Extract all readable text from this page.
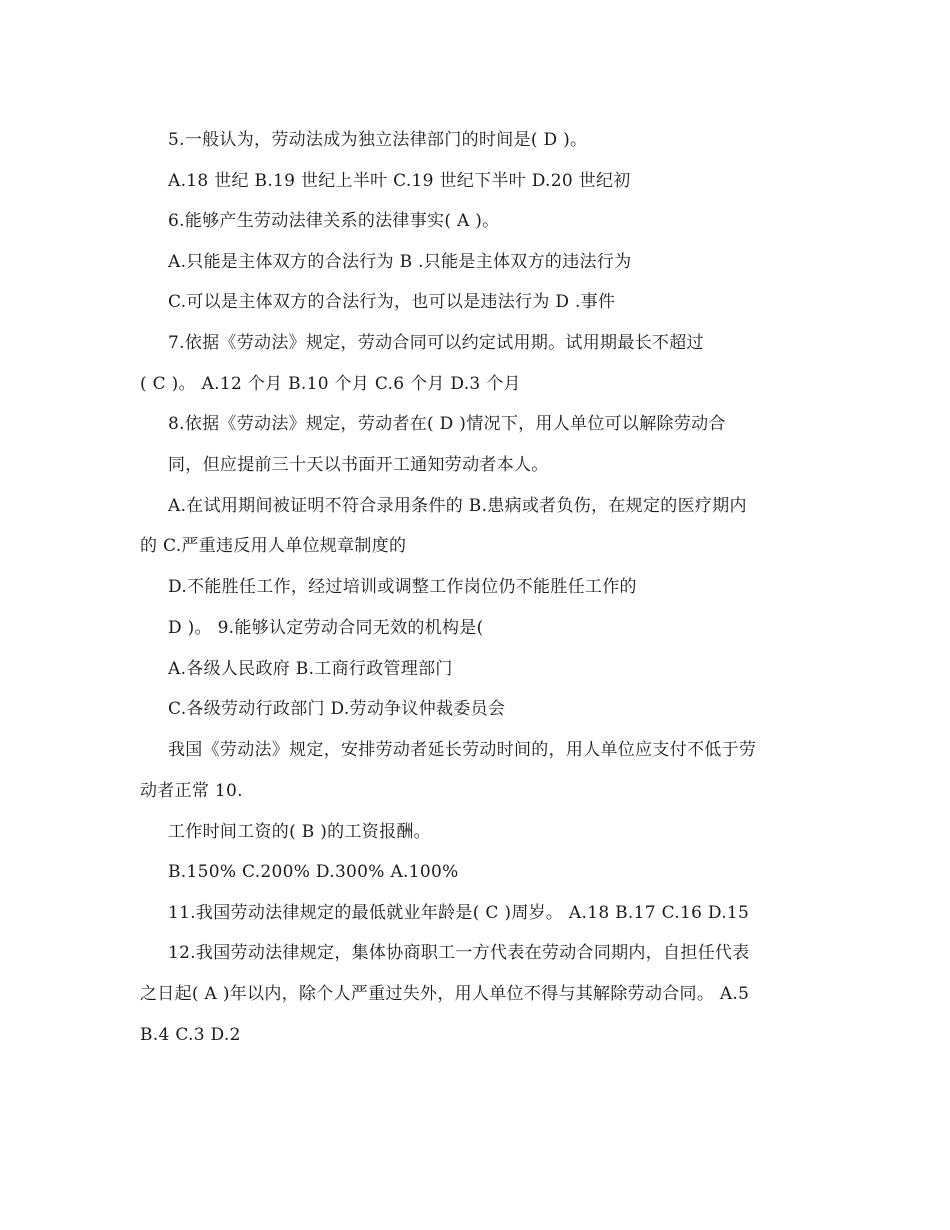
5.一般认为，劳动法成为独立法律部门的时间是( D )。
A.18 世纪 B.19 世纪上半叶 C.19 世纪下半叶 D.20 世纪初
6.能够产生劳动法律关系的法律事实( A )。
A.只能是主体双方的合法行为 B .只能是主体双方的违法行为
C.可以是主体双方的合法行为，也可以是违法行为 D .事件
7.依据《劳动法》规定，劳动合同可以约定试用期。试用期最长不超过
( C )。 A.12 个月 B.10 个月 C.6 个月 D.3 个月
8.依据《劳动法》规定，劳动者在( D )情况下，用人单位可以解除劳动合
同，但应提前三十天以书面开工通知劳动者本人。
A.在试用期间被证明不符合录用条件的 B.患病或者负伤，在规定的医疗期内
的 C.严重违反用人单位规章制度的
D.不能胜任工作，经过培训或调整工作岗位仍不能胜任工作的
D )。 9.能够认定劳动合同无效的机构是(
A.各级人民政府 B.工商行政管理部门
C.各级劳动行政部门 D.劳动争议仲裁委员会
我国《劳动法》规定，安排劳动者延长劳动时间的，用人单位应支付不低于劳
动者正常 10.
工作时间工资的( B )的工资报酬。
B.150% C.200% D.300% A.100%
11.我国劳动法律规定的最低就业年龄是( C )周岁。 A.18 B.17 C.16 D.15
12.我国劳动法律规定，集体协商职工一方代表在劳动合同期内，自担任代表
之日起( A )年以内，除个人严重过失外，用人单位不得与其解除劳动合同。 A.5
B.4 C.3 D.2
